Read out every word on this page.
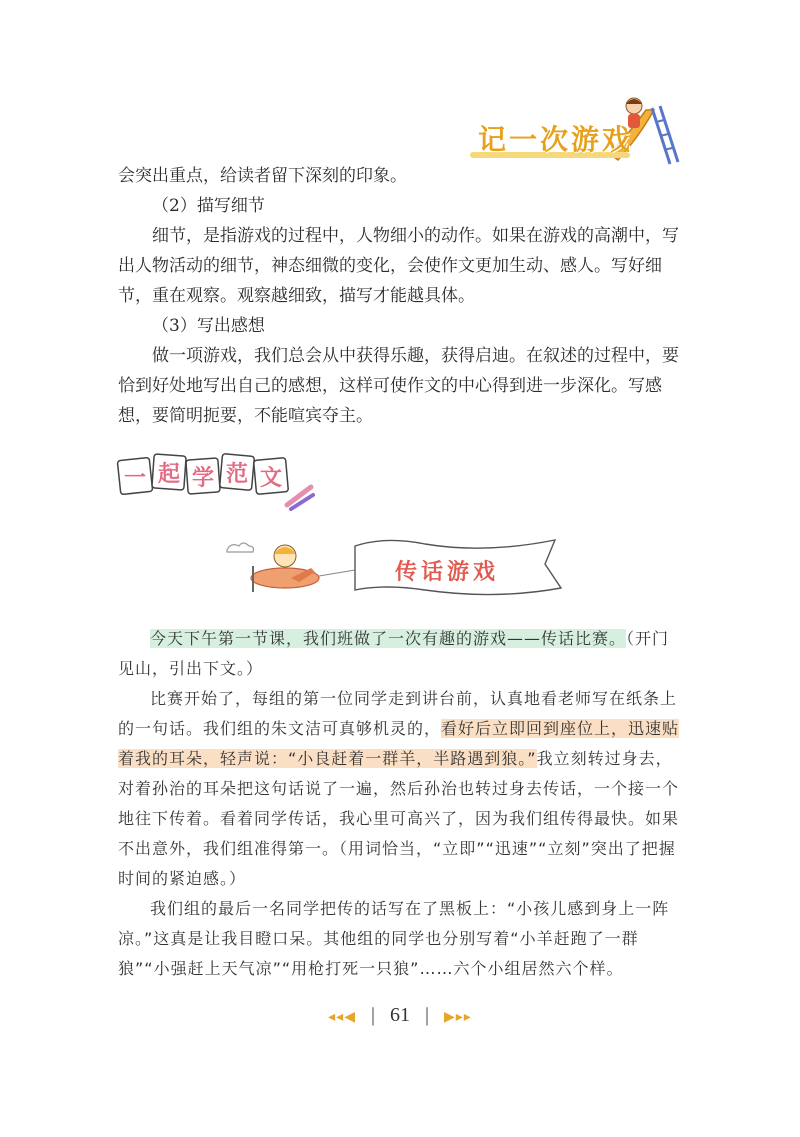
记一次游戏

会突出重点，给读者留下深刻的印象。

（2）描写细节

细节，是指游戏的过程中，人物细小的动作。如果在游戏的高潮中，写出人物活动的细节，神态细微的变化，会使作文更加生动、感人。写好细节，重在观察。观察越细致，描写才能越具体。

（3）写出感想

做一项游戏，我们总会从中获得乐趣，获得启迪。在叙述的过程中，要恰到好处地写出自己的感想，这样可使作文的中心得到进一步深化。写感想，要简明扼要，不能喧宾夺主。

一 起 学 范 文
传话游戏

今天下午第一节课，我们班做了一次有趣的游戏——传话比赛。（开门见山，引出下文。）

比赛开始了，每组的第一位同学走到讲台前，认真地看老师写在纸条上的一句话。我们组的朱文洁可真够机灵的，看好后立即回到座位上，迅速贴着我的耳朵，轻声说：“小良赶着一群羊，半路遇到狼。”我立刻转过身去，对着孙治的耳朵把这句话说了一遍，然后孙治也转过身去传话，一个接一个地往下传着。看着同学传话，我心里可高兴了，因为我们组传得最快。如果不出意外，我们组准得第一。（用词恰当，“立即”“迅速”“立刻”突出了把握时间的紧迫感。）

我们组的最后一名同学把传的话写在了黑板上：“小孩儿感到身上一阵凉。”这真是让我目瞪口呆。其他组的同学也分别写着“小羊赶跑了一群狼”“小强赶上天气凉”“用枪打死一只狼”……六个小组居然六个样。

◂◂◀ | 61 | ▶▸▸
